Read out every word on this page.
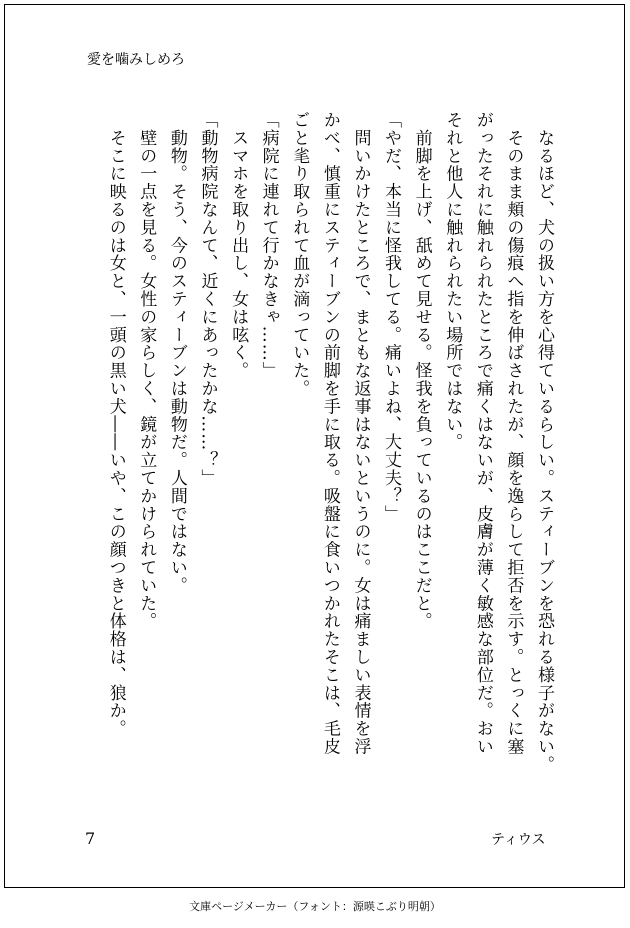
愛を噛みしめろ

　なるほど、犬の扱い方を心得ているらしい。スティーブンを恐れる様子がない。

　そのまま頬の傷痕へ指を伸ばされたが、顔を逸らして拒否を示す。とっくに塞

がったそれに触れられたところで痛くはないが、皮膚が薄く敏感な部位だ。おい

それと他人に触れられたい場所ではない。

　前脚を上げ、舐めて見せる。怪我を負っているのはここだと。

「やだ、本当に怪我してる。痛いよね、大丈夫？」

　問いかけたところで、まともな返事はないというのに。女は痛ましい表情を浮

かべ、慎重にスティーブンの前脚を手に取る。吸盤に食いつかれたそこは、毛皮

ごと毟り取られて血が滴っていた。

「病院に連れて行かなきゃ……」

　スマホを取り出し、女は呟く。

「動物病院なんて、近くにあったかな……？」

　動物。そう、今のスティーブンは動物だ。人間ではない。

　壁の一点を見る。女性の家らしく、鏡が立てかけられていた。

　そこに映るのは女と、一頭の黒い犬――いや、この顔つきと体格は、狼か。

7	ティウス
文庫ページメーカー（フォント：源暎こぶり明朝）
